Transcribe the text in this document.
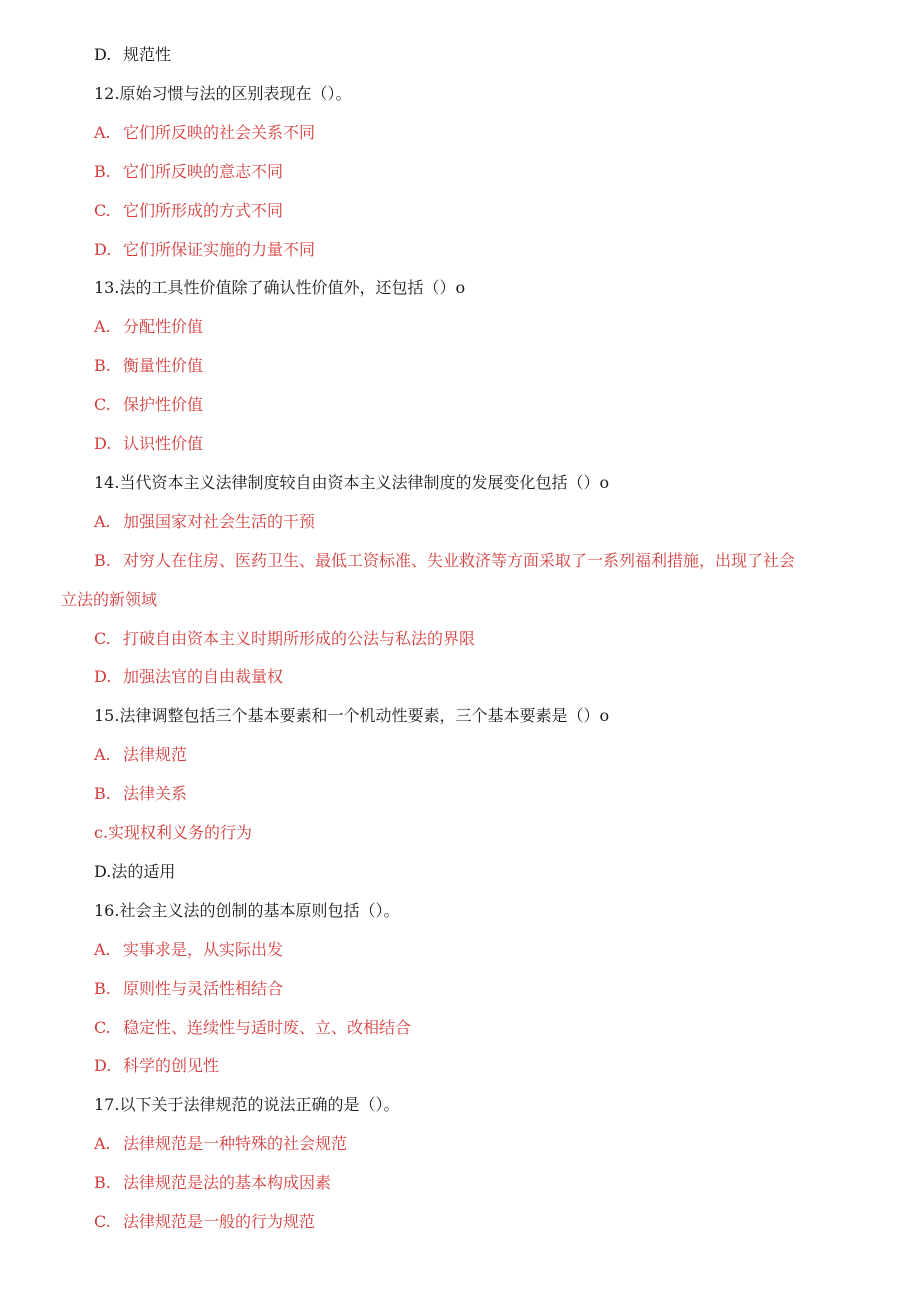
D. 规范性
12.原始习惯与法的区别表现在（）。
A. 它们所反映的社会关系不同
B. 它们所反映的意志不同
C. 它们所形成的方式不同
D. 它们所保证实施的力量不同
13.法的工具性价值除了确认性价值外，还包括（）o
A. 分配性价值
B. 衡量性价值
C. 保护性价值
D. 认识性价值
14.当代资本主义法律制度较自由资本主义法律制度的发展变化包括（）o
A. 加强国家对社会生活的干预
B. 对穷人在住房、医药卫生、最低工资标准、失业救济等方面采取了一系列福利措施，出现了社会
立法的新领域
C. 打破自由资本主义时期所形成的公法与私法的界限
D. 加强法官的自由裁量权
15.法律调整包括三个基本要素和一个机动性要素，三个基本要素是（）o
A. 法律规范
B. 法律关系
c.实现权利义务的行为
D.法的适用
16.社会主义法的创制的基本原则包括（）。
A. 实事求是，从实际出发
B. 原则性与灵活性相结合
C. 稳定性、连续性与适时废、立、改相结合
D. 科学的创见性
17.以下关于法律规范的说法正确的是（）。
A. 法律规范是一种特殊的社会规范
B. 法律规范是法的基本构成因素
C. 法律规范是一般的行为规范
